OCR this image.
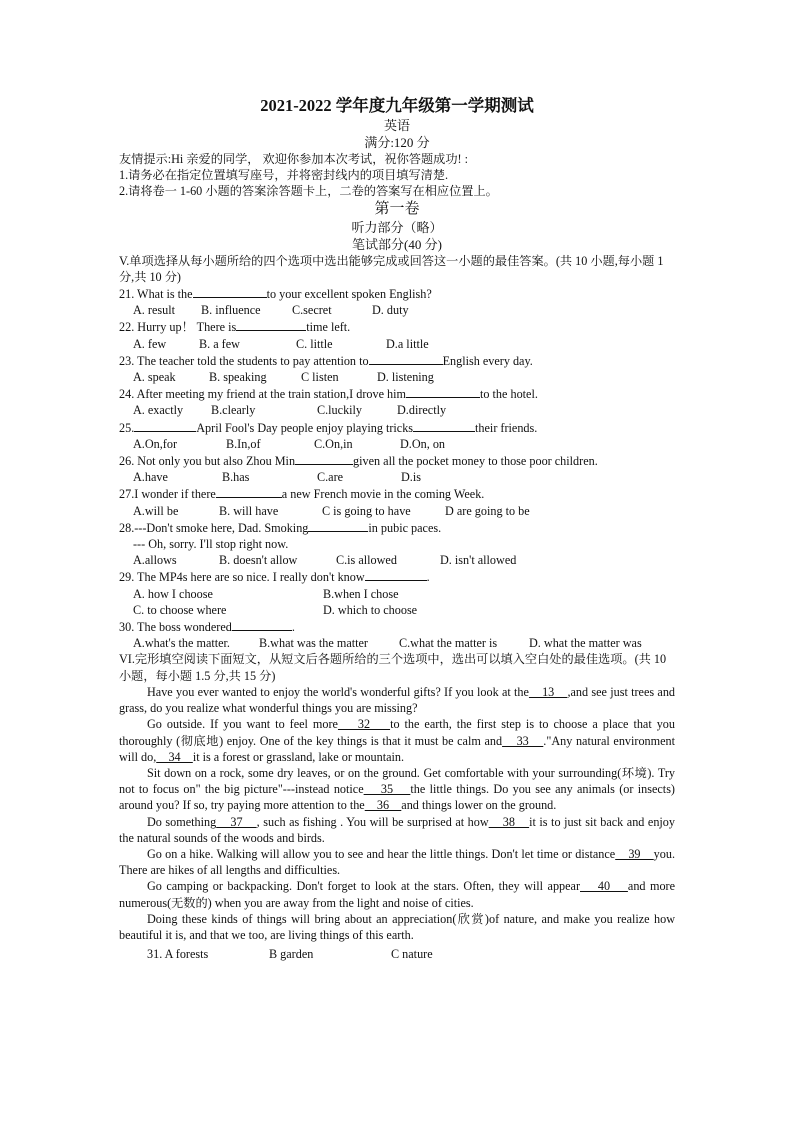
2021-2022 学年度九年级第一学期测试
英语
满分:120 分
友情提示:Hi 亲爱的同学， 欢迎你参加本次考试，祝你答题成功! :
1.请务必在指定位置填写座号，并将密封线内的项目填写清楚.
2.请将卷一 1-60 小题的答案涂答题卡上，二卷的答案写在相应位置上。
第一卷
听力部分（略）
笔试部分(40 分)
V.单项选择从每小题所给的四个选项中选出能够完成或回答这一小题的最佳答案。(共 10 小题,每小题 1 分,共 10 分)
21. What is the	to your excellent spoken English?
A. result	B. influence	C.secret	D. duty
22. Hurry up！ There is	time left.
A. few	B. a few	C. little	D.a little
23. The teacher told the students to pay attention to	English every day.
A. speak	B. speaking	C listen	D. listening
24. After meeting my friend at the train station,I drove him	to the hotel.
A. exactly	B.clearly	C.luckily	D.directly
25.	April Fool's Day people enjoy playing tricks	their friends.
A.On,for	B.In,of	C.On,in	D.On, on
26. Not only you but also Zhou Min	given all the pocket money to those poor children.
A.have	B.has	C.are	D.is
27.I wonder if there	a new French movie in the coming Week.
A.will be	B. will have	C is going to have	D are going to be
28.---Don't smoke here, Dad. Smoking	in pubic paces.
--- Oh, sorry. I'll stop right now.
A.allows	B. doesn't allow	C.is allowed	D. isn't allowed
29. The MP4s here are so nice. I really don't know	.
A. how I choose	B.when I chose
C. to choose where	D. which to choose
30. The boss wondered	.
A.what's the matter.	B.what was the matter	C.what the matter is	D. what the matter was
VI.完形填空阅读下面短文，从短文后各题所给的三个选项中，选出可以填入空白处的最佳选项。(共 10 小题，每小题 1.5 分,共 15 分)
Have you ever wanted to enjoy the world's wonderful gifts? If you look at the    13    ,and see just trees and grass, do you realize what wonderful things you are missing?
Go outside. If you want to feel more    32    to the earth, the first step is to choose a place that you thoroughly (彻底地) enjoy. One of the key things is that it must be calm and    33    ."Any natural environment will do,    34    it is a forest or grassland, lake or mountain.
Sit down on a rock, some dry leaves, or on the ground. Get comfortable with your surrounding(环境). Try not to focus on" the big picture"---instead notice    35    the little things. Do you see any animals (or insects) around you? If so, try paying more attention to the    36    and things lower on the ground.
Do something    37    , such as fishing . You will be surprised at how    38    it is to just sit back and enjoy the natural sounds of the woods and birds.
Go on a hike. Walking will allow you to see and hear the little things. Don't let time or distance    39    you. There are hikes of all lengths and difficulties.
Go camping or backpacking. Don't forget to look at the stars. Often, they will appear    40    and more numerous(无数的) when you are away from the light and noise of cities.
Doing these kinds of things will bring about an appreciation(欣赏)of nature, and make you realize how beautiful it is, and that we too, are living things of this earth.
31. A forests	B garden	C nature
